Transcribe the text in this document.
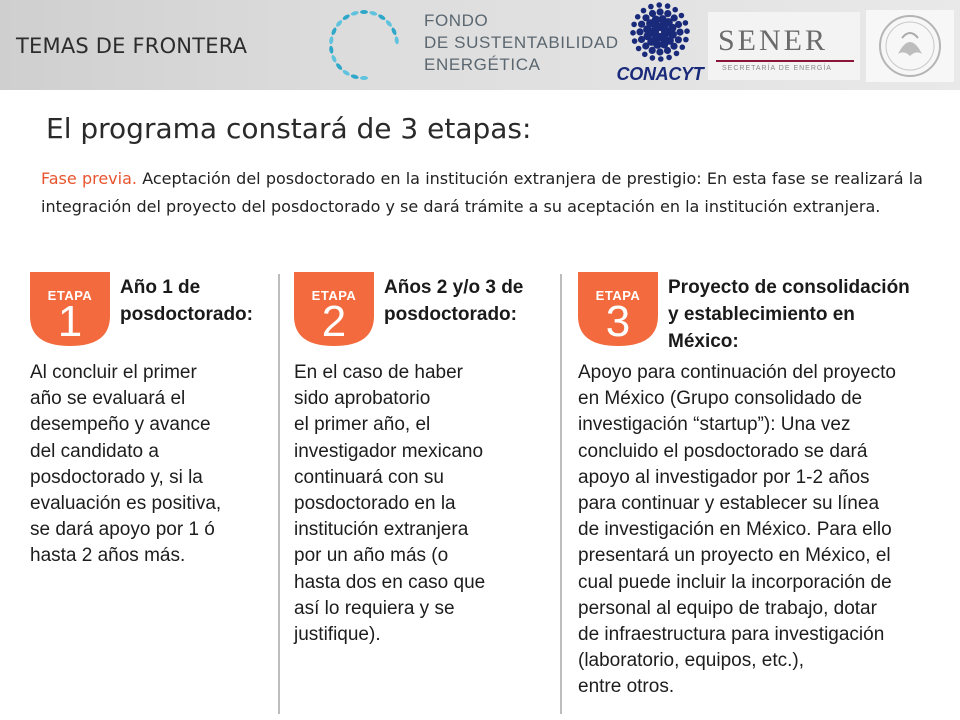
TEMAS DE FRONTERA
FONDO
DE SUSTENTABILIDAD
ENERGÉTICA	CONACYT
SENER
SECRETARÍA DE ENERGÍA
El programa constará de 3 etapas:
Fase previa. Aceptación del posdoctorado en la institución extranjera de prestigio: En esta fase se realizará la integración del proyecto del posdoctorado y se dará trámite a su aceptación en la institución extranjera.
ETAPA
1
Año 1 de
posdoctorado:
Al concluir el primer
año se evaluará el
desempeño y avance
del candidato a
posdoctorado y, si la
evaluación es positiva,
se dará apoyo por 1 ó
hasta 2 años más.
ETAPA
2
Años 2 y/o 3 de
posdoctorado:
En el caso de haber
sido aprobatorio
el primer año, el
investigador mexicano
continuará con su
posdoctorado en la
institución extranjera
por un año más (o
hasta dos en caso que
así lo requiera y se
justifique).
ETAPA
3
Proyecto de consolidación
y establecimiento en
México:
Apoyo para continuación del proyecto
en México (Grupo consolidado de
investigación “startup”): Una vez
concluido el posdoctorado se dará
apoyo al investigador por 1-2 años
para continuar y establecer su línea
de investigación en México. Para ello
presentará un proyecto en México, el
cual puede incluir la incorporación de
personal al equipo de trabajo, dotar
de infraestructura para investigación
(laboratorio, equipos, etc.),
entre otros.
